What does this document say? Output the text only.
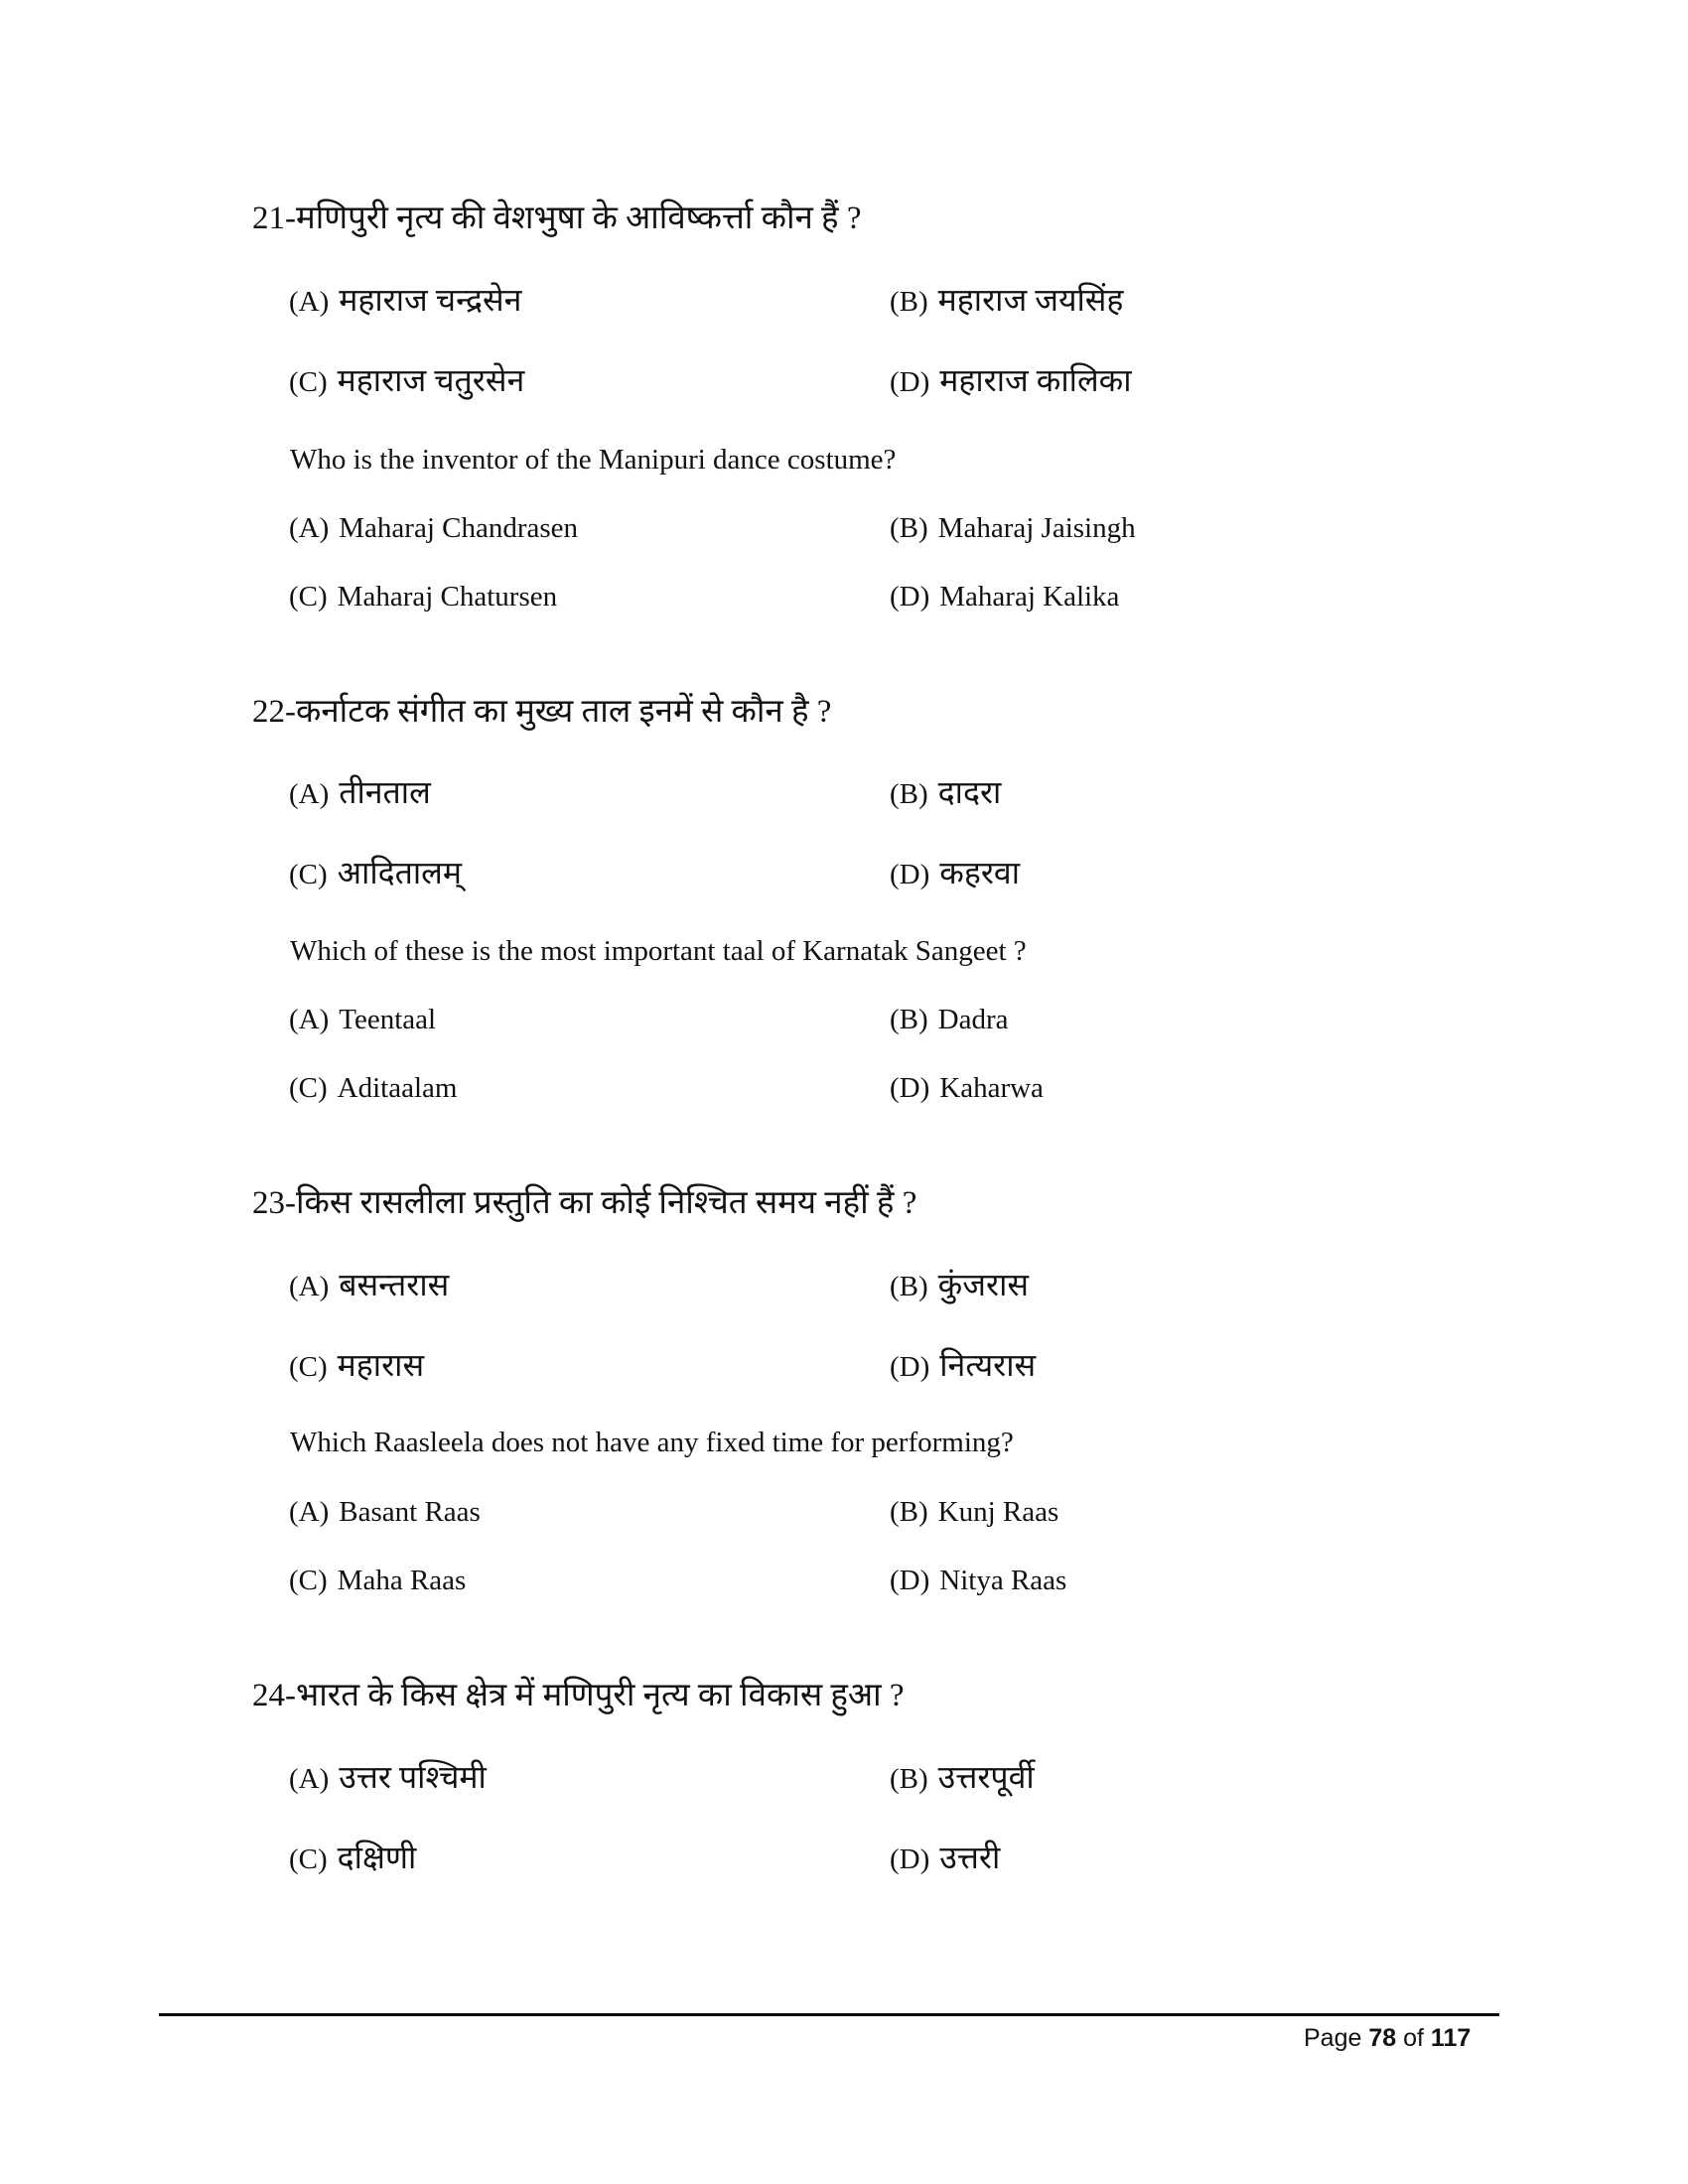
21-मणिपुरी नृत्य की वेशभुषा के आविष्कर्त्ता कौन हैं ?
(A) महाराज चन्द्रसेन	(B) महाराज जयसिंह
(C) महाराज चतुरसेन	(D) महाराज कालिका
Who is the inventor of the Manipuri dance costume?
(A) Maharaj Chandrasen	(B) Maharaj Jaisingh
(C) Maharaj Chatursen	(D) Maharaj Kalika
22-कर्नाटक संगीत का मुख्य ताल इनमें से कौन है ?
(A) तीनताल	(B) दादरा
(C) आदितालम्	(D) कहरवा
Which of these is the most important taal of Karnatak Sangeet ?
(A) Teentaal	(B) Dadra
(C) Aditaalam	(D) Kaharwa
23-किस रासलीला प्रस्तुति का कोई निश्चित समय नहीं हैं ?
(A) बसन्तरास	(B) कुंजरास
(C) महारास	(D) नित्यरास
Which Raasleela does not have any fixed time for performing?
(A) Basant Raas	(B) Kunj Raas
(C) Maha Raas	(D) Nitya Raas
24-भारत के किस क्षेत्र में मणिपुरी नृत्य का विकास हुआ ?
(A) उत्तर पश्चिमी	(B) उत्तरपूर्वी
(C) दक्षिणी	(D) उत्तरी
Page 78 of 117
